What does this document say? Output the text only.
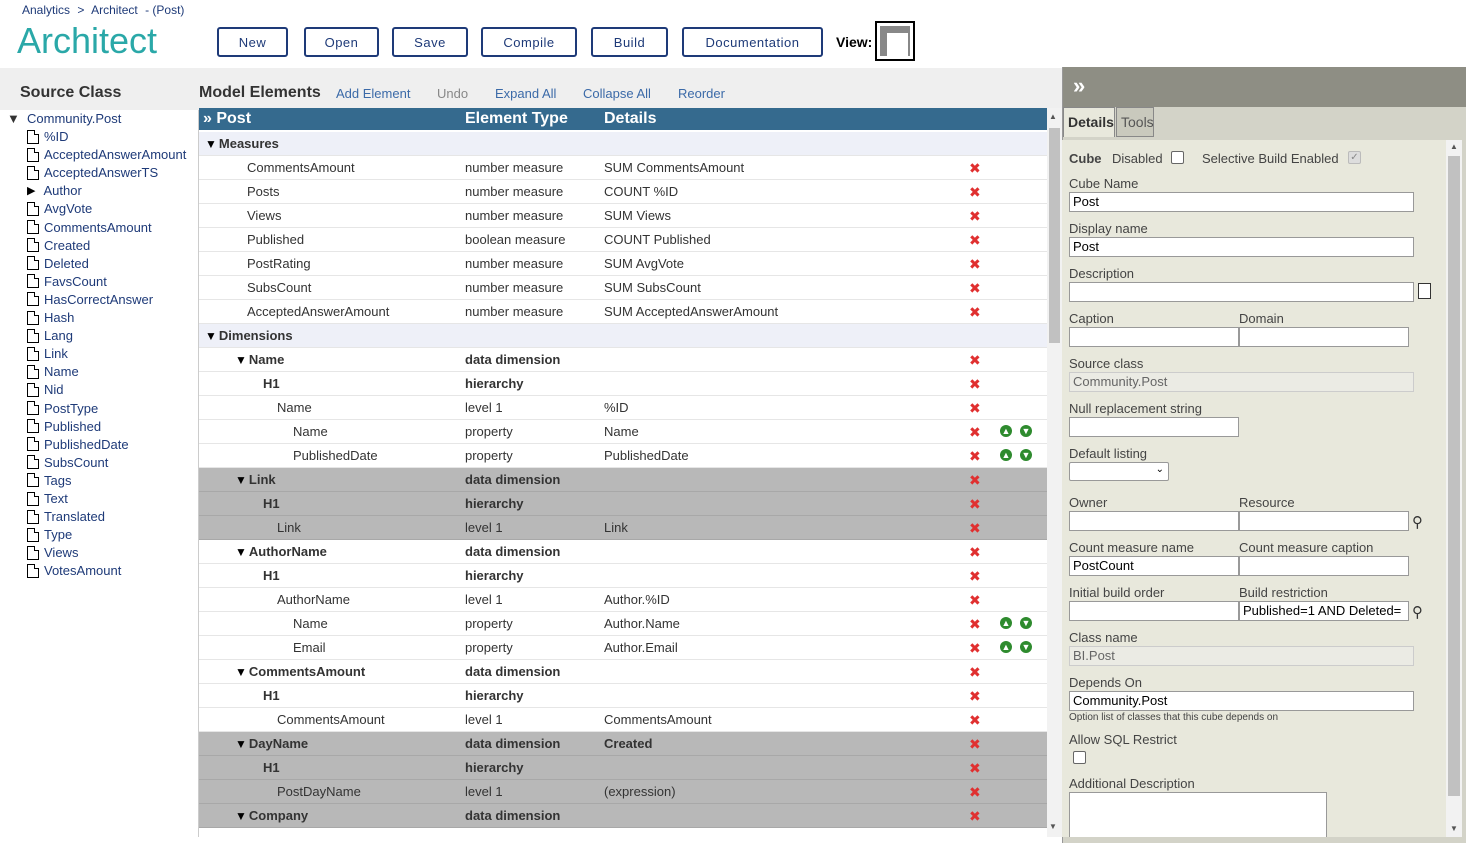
Analytics > Architect - (Post)
Architect	New	Open	Save	Compile	Build	Documentation	View:
Source Class	Model Elements Add Element Undo Expand All Collapse All Reorder
▼ Community.Post
%ID
AcceptedAnswerAmount
AcceptedAnswerTS
▶ Author
AvgVote
CommentsAmount
Created
Deleted
FavsCount
HasCorrectAnswer
Hash
Lang
Link
Name
Nid
PostType
Published
PublishedDate
SubsCount
Tags
Text
Translated
Type
Views
VotesAmount
» Post	Element Type Details
▼ Measures
CommentsAmount	number measure	SUM CommentsAmount	✖
Posts	number measure	COUNT %ID	✖
Views	number measure	SUM Views	✖
Published	boolean measure	COUNT Published	✖
PostRating	number measure	SUM AvgVote	✖
SubsCount	number measure	SUM SubsCount	✖
AcceptedAnswerAmount	number measure	SUM AcceptedAnswerAmount	✖
▼ Dimensions
▼ Name	data dimension	✖
H1	hierarchy	✖
Name	level 1	%ID	✖
Name	property	Name	✖ ▲ ▼
PublishedDate	property	PublishedDate	✖ ▲ ▼
▼ Link	data dimension	✖
H1	hierarchy	✖
Link	level 1	Link	✖
▼ AuthorName	data dimension	✖
H1	hierarchy	✖
AuthorName	level 1	Author.%ID	✖
Name	property	Author.Name	✖ ▲ ▼
Email	property	Author.Email	✖ ▲ ▼
▼ CommentsAmount	data dimension	✖
H1	hierarchy	✖
CommentsAmount	level 1	CommentsAmount	✖
▼ DayName	data dimension	Created	✖
H1	hierarchy	✖
PostDayName	level 1	(expression)	✖
▼ Company	data dimension	✖
▲
▼
»
Details Tools
Cube Disabled	Selective Build Enabled ✓
Cube Name
Post
Display name
Post
Description
Caption	Domain
Source class
Community.Post
Null replacement string
Default listing
⌄
Owner	Resource
⚲
Count measure name	Count measure caption
PostCount
Initial build order	Build restriction
Published=1 AND Deleted= ⚲
Class name
BI.Post
Depends On
Community.Post
Option list of classes that this cube depends on
Allow SQL Restrict
Additional Description
▲
▼
